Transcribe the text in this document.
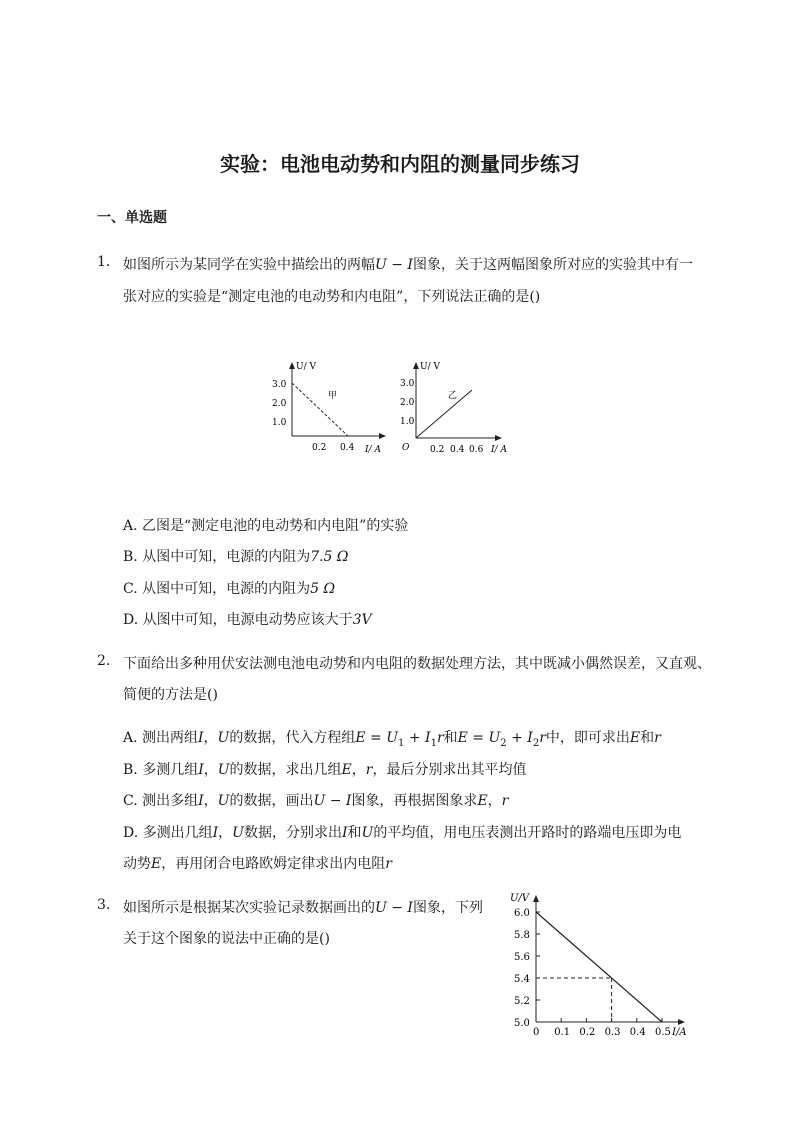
实验：电池电动势和内阻的测量同步练习
一、单选题
1. 如图所示为某同学在实验中描绘出的两幅U − I图象，关于这两幅图象所对应的实验其中有一
张对应的实验是“测定电池的电动势和内电阻”，下列说法正确的是()
U/ V
3.0
2.0
1.0
0.2 0.4 I/ A
甲
U/ V
3.0
2.0
1.0
O 0.2 0.4 0.6 I/ A
乙
A. 乙图是“测定电池的电动势和内电阻”的实验
B. 从图中可知，电源的内阻为7.5 Ω
C. 从图中可知，电源的内阻为5 Ω
D. 从图中可知，电源电动势应该大于3V
2. 下面给出多种用伏安法测电池电动势和内电阻的数据处理方法，其中既减小偶然误差，又直观、
简便的方法是()
A. 测出两组I，U的数据，代入方程组$E = U_1 + I_1r$和$E = U_2 + I_2r$中，即可求出E和r
B. 多测几组I，U的数据，求出几组E，r，最后分别求出其平均值
C. 测出多组I，U的数据，画出U − I图象，再根据图象求E，r
D. 多测出几组I，U数据，分别求出I和U的平均值，用电压表测出开路时的路端电压即为电
动势E，再用闭合电路欧姆定律求出内电阻r
3. 如图所示是根据某次实验记录数据画出的U − I图象，下列
关于这个图象的说法中正确的是()
5.0
5.2
5.4
5.6
5.8
6.0
0 0.1 0.2 0.3 0.4 0.5
U/V
I/A
